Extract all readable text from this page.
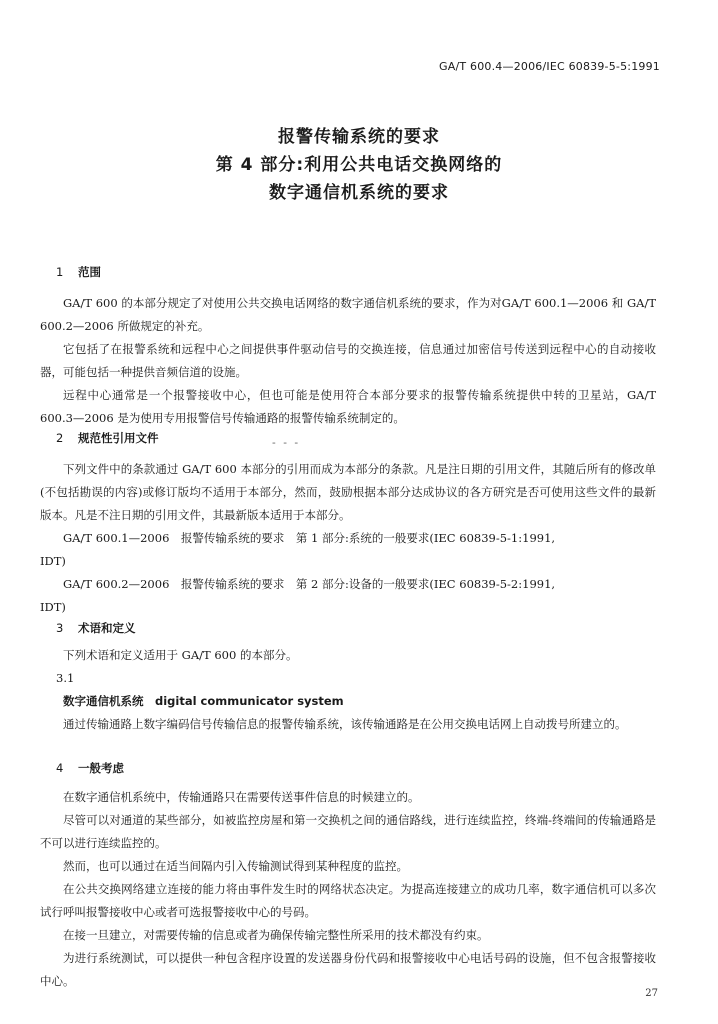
GA/T 600.4—2006/IEC 60839-5-5:1991
报警传输系统的要求
第 4 部分:利用公共电话交换网络的
数字通信机系统的要求
1 范围
GA/T 600 的本部分规定了对使用公共交换电话网络的数字通信机系统的要求，作为对GA/T 600.1—2006 和 GA/T 600.2—2006 所做规定的补充。
它包括了在报警系统和远程中心之间提供事件驱动信号的交换连接，信息通过加密信号传送到远程中心的自动接收器，可能包括一种提供音频信道的设施。
远程中心通常是一个报警接收中心，但也可能是使用符合本部分要求的报警传输系统提供中转的卫星站，GA/T 600.3—2006 是为使用专用报警信号传输通路的报警传输系统制定的。
2 规范性引用文件	- - -
下列文件中的条款通过 GA/T 600 本部分的引用而成为本部分的条款。凡是注日期的引用文件，其随后所有的修改单(不包括勘误的内容)或修订版均不适用于本部分，然而，鼓励根据本部分达成协议的各方研究是否可使用这些文件的最新版本。凡是不注日期的引用文件，其最新版本适用于本部分。
GA/T 600.1—2006　报警传输系统的要求　第 1 部分:系统的一般要求(IEC 60839-5-1:1991,
IDT)
GA/T 600.2—2006　报警传输系统的要求　第 2 部分:设备的一般要求(IEC 60839-5-2:1991,
IDT)
3 术语和定义
下列术语和定义适用于 GA/T 600 的本部分。
3.1
数字通信机系统　digital communicator system
通过传输通路上数字编码信号传输信息的报警传输系统，该传输通路是在公用交换电话网上自动拨号所建立的。
4 一般考虑
在数字通信机系统中，传输通路只在需要传送事件信息的时候建立的。
尽管可以对通道的某些部分，如被监控房屋和第一交换机之间的通信路线，进行连续监控，终端-终端间的传输通路是不可以进行连续监控的。
然而，也可以通过在适当间隔内引入传输测试得到某种程度的监控。
在公共交换网络建立连接的能力将由事件发生时的网络状态决定。为提高连接建立的成功几率，数字通信机可以多次试行呼叫报警接收中心或者可选报警接收中心的号码。
在接一旦建立，对需要传输的信息或者为确保传输完整性所采用的技术都没有约束。
为进行系统测试，可以提供一种包含程序设置的发送器身份代码和报警接收中心电话号码的设施，但不包含报警接收中心。
27
